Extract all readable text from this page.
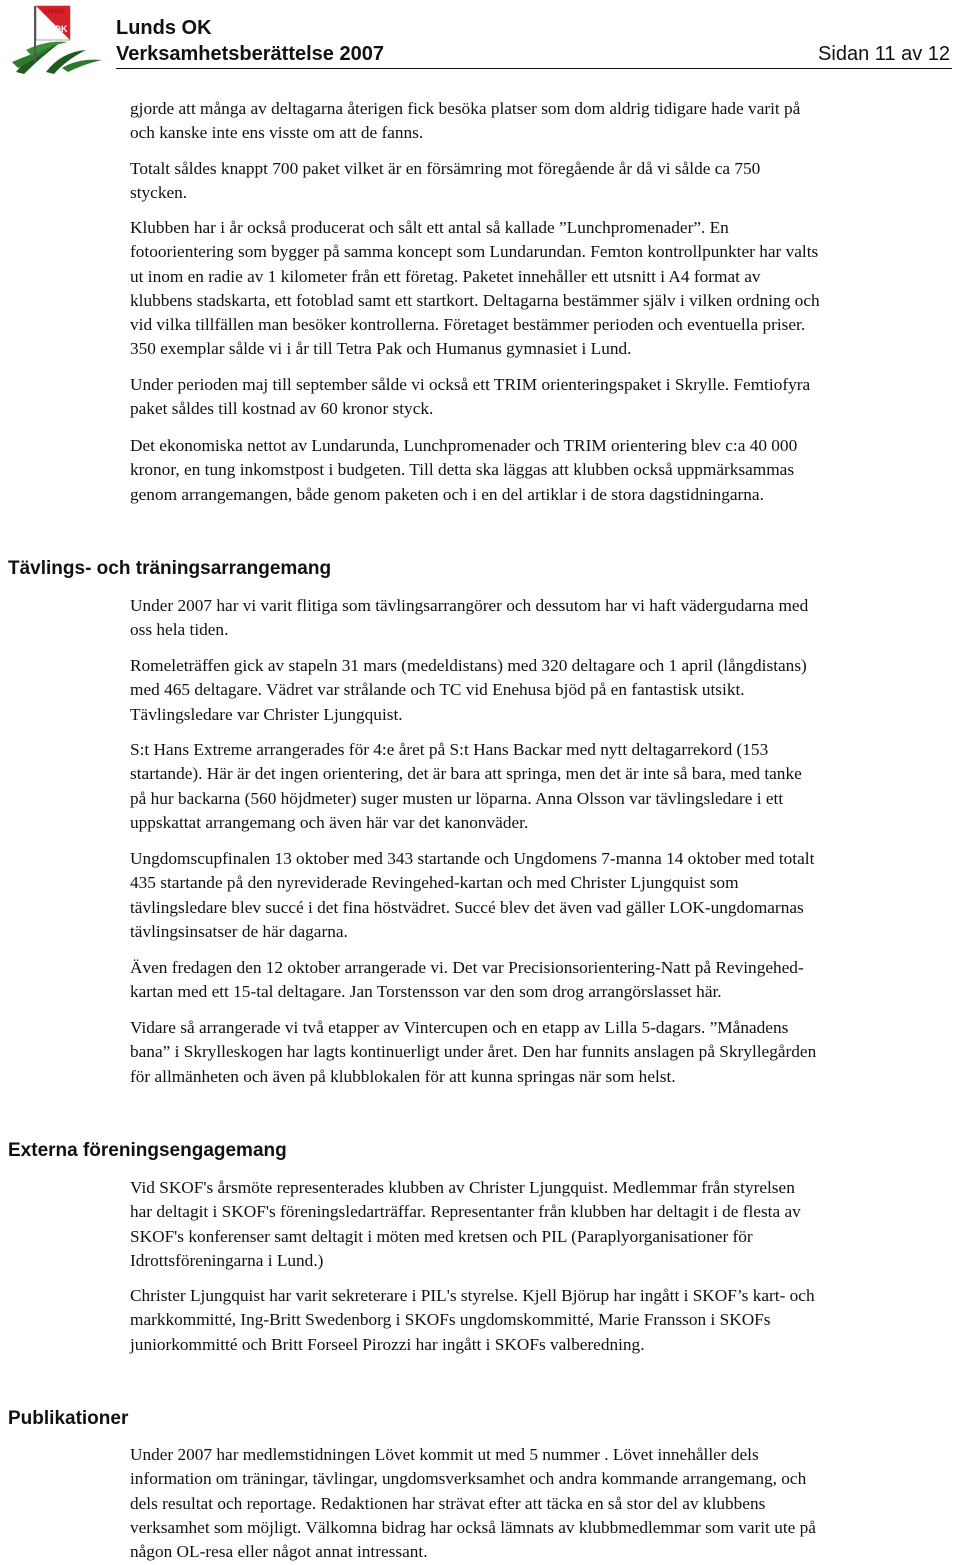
LUNDS
OK Lunds OK
Verksamhetsberättelse 2007	Sidan 11 av 12
gjorde att många av deltagarna återigen fick besöka platser som dom aldrig tidigare hade varit på
och kanske inte ens visste om att de fanns.
Totalt såldes knappt 700 paket vilket är en försämring mot föregående år då vi sålde ca 750
stycken.
Klubben har i år också producerat och sålt ett antal så kallade ”Lunchpromenader”. En
fotoorientering som bygger på samma koncept som Lundarundan. Femton kontrollpunkter har valts
ut inom en radie av 1 kilometer från ett företag. Paketet innehåller ett utsnitt i A4 format av
klubbens stadskarta, ett fotoblad samt ett startkort. Deltagarna bestämmer själv i vilken ordning och
vid vilka tillfällen man besöker kontrollerna. Företaget bestämmer perioden och eventuella priser.
350 exemplar sålde vi i år till Tetra Pak och Humanus gymnasiet i Lund.
Under perioden maj till september sålde vi också ett TRIM orienteringspaket i Skrylle. Femtiofyra
paket såldes till kostnad av 60 kronor styck.
Det ekonomiska nettot av Lundarunda, Lunchpromenader och TRIM orientering blev c:a 40 000
kronor, en tung inkomstpost i budgeten. Till detta ska läggas att klubben också uppmärksammas
genom arrangemangen, både genom paketen och i en del artiklar i de stora dagstidningarna.
Tävlings- och träningsarrangemang
Under 2007 har vi varit flitiga som tävlingsarrangörer och dessutom har vi haft vädergudarna med
oss hela tiden.
Romeleträffen gick av stapeln 31 mars (medeldistans) med 320 deltagare och 1 april (långdistans)
med 465 deltagare. Vädret var strålande och TC vid Enehusa bjöd på en fantastisk utsikt.
Tävlingsledare var Christer Ljungquist.
S:t Hans Extreme arrangerades för 4:e året på S:t Hans Backar med nytt deltagarrekord (153
startande). Här är det ingen orientering, det är bara att springa, men det är inte så bara, med tanke
på hur backarna (560 höjdmeter) suger musten ur löparna. Anna Olsson var tävlingsledare i ett
uppskattat arrangemang och även här var det kanonväder.
Ungdomscupfinalen 13 oktober med 343 startande och Ungdomens 7-manna 14 oktober med totalt
435 startande på den nyreviderade Revingehed-kartan och med Christer Ljungquist som
tävlingsledare blev succé i det fina höstvädret. Succé blev det även vad gäller LOK-ungdomarnas
tävlingsinsatser de här dagarna.
Även fredagen den 12 oktober arrangerade vi. Det var Precisionsorientering-Natt på Revingehed-
kartan med ett 15-tal deltagare. Jan Torstensson var den som drog arrangörslasset här.
Vidare så arrangerade vi två etapper av Vintercupen och en etapp av Lilla 5-dagars. ”Månadens
bana” i Skrylleskogen har lagts kontinuerligt under året. Den har funnits anslagen på Skryllegården
för allmänheten och även på klubblokalen för att kunna springas när som helst.
Externa föreningsengagemang
Vid SKOF's årsmöte representerades klubben av Christer Ljungquist. Medlemmar från styrelsen
har deltagit i SKOF's föreningsledarträffar. Representanter från klubben har deltagit i de flesta av
SKOF's konferenser samt deltagit i möten med kretsen och PIL (Paraplyorganisationer för
Idrottsföreningarna i Lund.)
Christer Ljungquist har varit sekreterare i PIL's styrelse. Kjell Björup har ingått i SKOF’s kart- och
markkommitté, Ing-Britt Swedenborg i SKOFs ungdomskommitté, Marie Fransson i SKOFs
juniorkommitté och Britt Forseel Pirozzi har ingått i SKOFs valberedning.
Publikationer
Under 2007 har medlemstidningen Lövet kommit ut med 5 nummer . Lövet innehåller dels
information om träningar, tävlingar, ungdomsverksamhet och andra kommande arrangemang, och
dels resultat och reportage. Redaktionen har strävat efter att täcka en så stor del av klubbens
verksamhet som möjligt. Välkomna bidrag har också lämnats av klubbmedlemmar som varit ute på
någon OL-resa eller något annat intressant.
